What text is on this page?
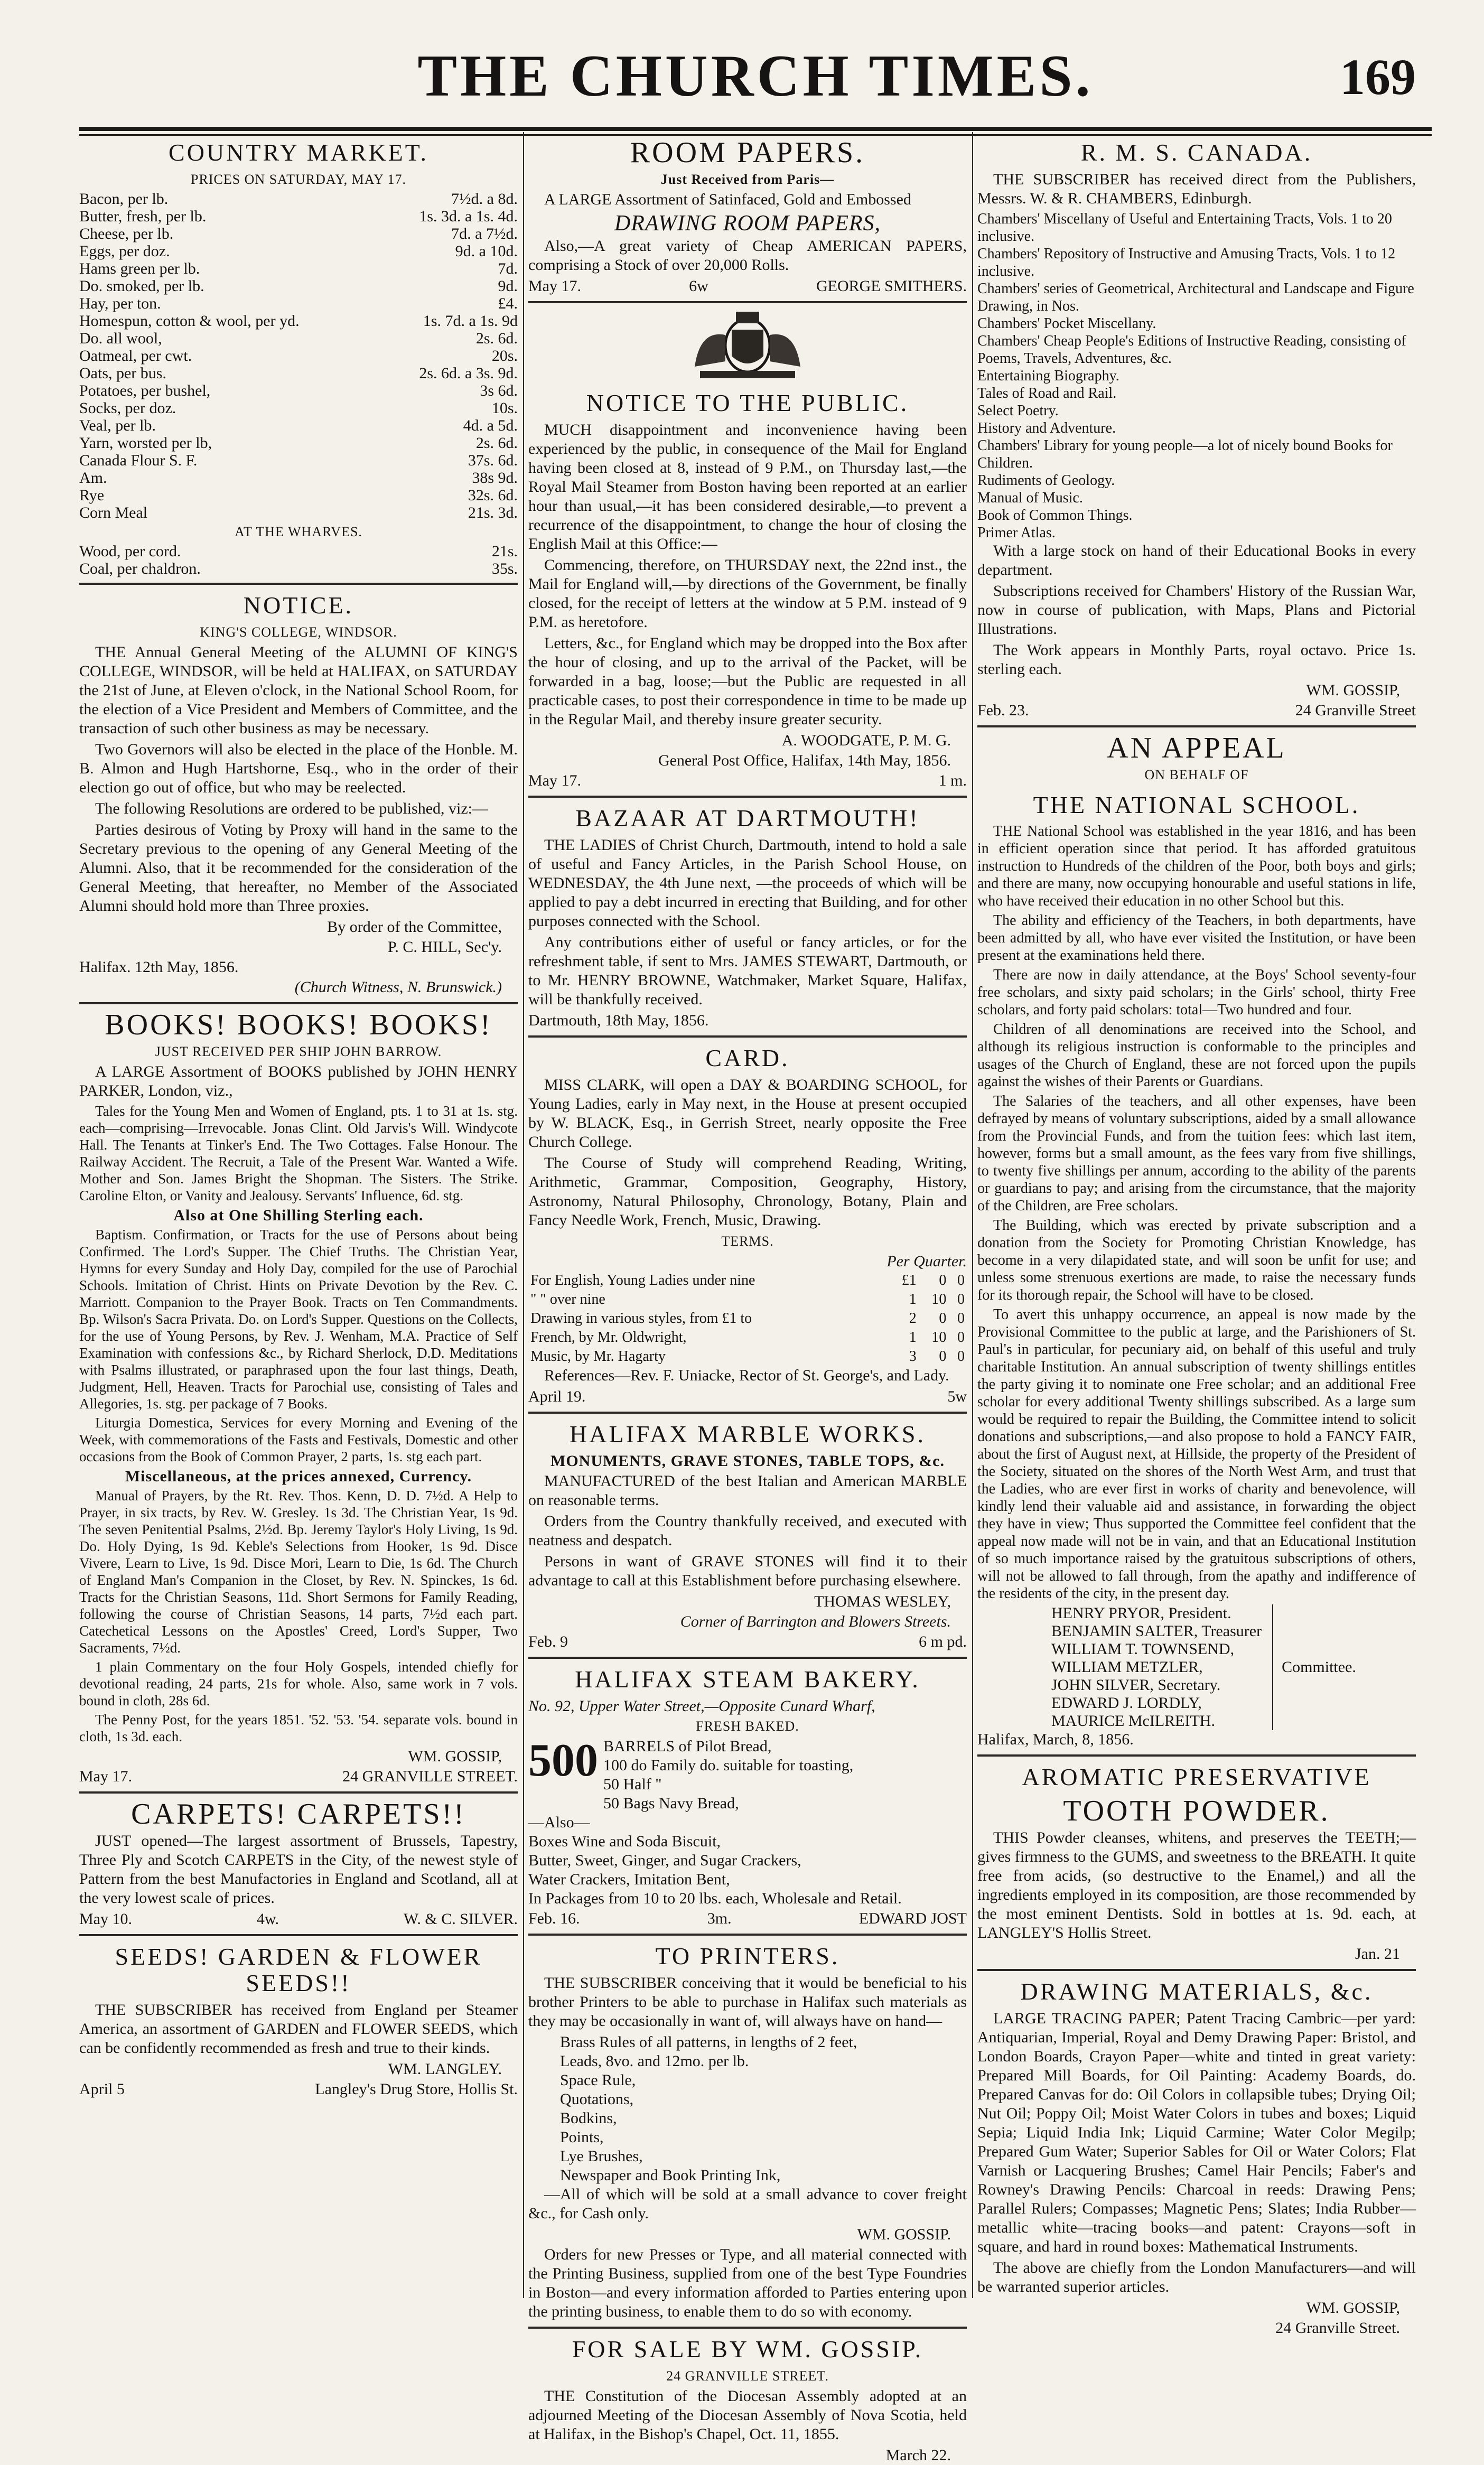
THE CHURCH TIMES.	169
COUNTRY MARKET.
PRICES ON SATURDAY, MAY 17.
Bacon, per lb.	7½d. a 8d.
Butter, fresh, per lb.	1s. 3d. a 1s. 4d.
Cheese, per lb.	7d. a 7½d.
Eggs, per doz.	9d. a 10d.
Hams green per lb.	7d.
Do. smoked, per lb.	9d.
Hay, per ton.	£4.
Homespun, cotton & wool, per yd.	1s. 7d. a 1s. 9d
Do. all wool,	2s. 6d.
Oatmeal, per cwt.	20s.
Oats, per bus.	2s. 6d. a 3s. 9d.
Potatoes, per bushel,	3s 6d.
Socks, per doz.	10s.
Veal, per lb.	4d. a 5d.
Yarn, worsted per lb,	2s. 6d.
Canada Flour S. F.	37s. 6d.
Am.	38s 9d.
Rye	32s. 6d.
Corn Meal	21s. 3d.
AT THE WHARVES.
Wood, per cord.	21s.
Coal, per chaldron.	35s.
NOTICE.
KING'S COLLEGE, WINDSOR.

THE Annual General Meeting of the ALUMNI OF KING'S COLLEGE, WINDSOR, will be held at HALIFAX, on SATURDAY the 21st of June, at Eleven o'clock, in the National School Room, for the election of a Vice President and Members of Committee, and the transaction of such other business as may be necessary.

Two Governors will also be elected in the place of the Honble. M. B. Almon and Hugh Hartshorne, Esq., who in the order of their election go out of office, but who may be reelected.

The following Resolutions are ordered to be published, viz:—

Parties desirous of Voting by Proxy will hand in the same to the Secretary previous to the opening of any General Meeting of the Alumni. Also, that it be recommended for the consideration of the General Meeting, that hereafter, no Member of the Associated Alumni should hold more than Three proxies.

By order of the Committee,
P. C. HILL, Sec'y.
Halifax. 12th May, 1856.
(Church Witness, N. Brunswick.)
BOOKS! BOOKS! BOOKS!
JUST RECEIVED PER SHIP JOHN BARROW.

A LARGE Assortment of BOOKS published by JOHN HENRY PARKER, London, viz.,

Tales for the Young Men and Women of England, pts. 1 to 31 at 1s. stg. each—comprising—Irrevocable. Jonas Clint. Old Jarvis's Will. Windycote Hall. The Tenants at Tinker's End. The Two Cottages. False Honour. The Railway Accident. The Recruit, a Tale of the Present War. Wanted a Wife. Mother and Son. James Bright the Shopman. The Sisters. The Strike. Caroline Elton, or Vanity and Jealousy. Servants' Influence, 6d. stg.

Also at One Shilling Sterling each.

Baptism. Confirmation, or Tracts for the use of Persons about being Confirmed. The Lord's Supper. The Chief Truths. The Christian Year, Hymns for every Sunday and Holy Day, compiled for the use of Parochial Schools. Imitation of Christ. Hints on Private Devotion by the Rev. C. Marriott. Companion to the Prayer Book. Tracts on Ten Commandments. Bp. Wilson's Sacra Privata. Do. on Lord's Supper. Questions on the Collects, for the use of Young Persons, by Rev. J. Wenham, M.A. Practice of Self Examination with confessions &c., by Richard Sherlock, D.D. Meditations with Psalms illustrated, or paraphrased upon the four last things, Death, Judgment, Hell, Heaven. Tracts for Parochial use, consisting of Tales and Allegories, 1s. stg. per package of 7 Books.

Liturgia Domestica, Services for every Morning and Evening of the Week, with commemorations of the Fasts and Festivals, Domestic and other occasions from the Book of Common Prayer, 2 parts, 1s. stg each part.

Miscellaneous, at the prices annexed, Currency.

Manual of Prayers, by the Rt. Rev. Thos. Kenn, D. D. 7½d. A Help to Prayer, in six tracts, by Rev. W. Gresley. 1s 3d. The Christian Year, 1s 9d. The seven Penitential Psalms, 2½d. Bp. Jeremy Taylor's Holy Living, 1s 9d. Do. Holy Dying, 1s 9d. Keble's Selections from Hooker, 1s 9d. Disce Vivere, Learn to Live, 1s 9d. Disce Mori, Learn to Die, 1s 6d. The Church of England Man's Companion in the Closet, by Rev. N. Spinckes, 1s 6d. Tracts for the Christian Seasons, 11d. Short Sermons for Family Reading, following the course of Christian Seasons, 14 parts, 7½d each part. Catechetical Lessons on the Apostles' Creed, Lord's Supper, Two Sacraments, 7½d.

1 plain Commentary on the four Holy Gospels, intended chiefly for devotional reading, 24 parts, 21s for whole. Also, same work in 7 vols. bound in cloth, 28s 6d.

The Penny Post, for the years 1851. '52. '53. '54. separate vols. bound in cloth, 1s 3d. each.

WM. GOSSIP,
May 17.	24 GRANVILLE STREET.
CARPETS! CARPETS!!

JUST opened—The largest assortment of Brussels, Tapestry, Three Ply and Scotch CARPETS in the City, of the newest style of Pattern from the best Manufactories in England and Scotland, all at the very lowest scale of prices.

May 10.	4w.	W. & C. SILVER.
SEEDS! GARDEN & FLOWER SEEDS!!

THE SUBSCRIBER has received from England per Steamer America, an assortment of GARDEN and FLOWER SEEDS, which can be confidently recommended as fresh and true to their kinds.

WM. LANGLEY.
April 5	Langley's Drug Store, Hollis St.
ROOM PAPERS.
Just Received from Paris—

A LARGE Assortment of Satinfaced, Gold and Embossed

DRAWING ROOM PAPERS,

Also,—A great variety of Cheap AMERICAN PAPERS, comprising a Stock of over 20,000 Rolls.

May 17.	6w	GEORGE SMITHERS.
NOTICE TO THE PUBLIC.

MUCH disappointment and inconvenience having been experienced by the public, in consequence of the Mail for England having been closed at 8, instead of 9 P.M., on Thursday last,—the Royal Mail Steamer from Boston having been reported at an earlier hour than usual,—it has been considered desirable,—to prevent a recurrence of the disappointment, to change the hour of closing the English Mail at this Office:—

Commencing, therefore, on THURSDAY next, the 22nd inst., the Mail for England will,—by directions of the Government, be finally closed, for the receipt of letters at the window at 5 P.M. instead of 9 P.M. as heretofore.

Letters, &c., for England which may be dropped into the Box after the hour of closing, and up to the arrival of the Packet, will be forwarded in a bag, loose;—but the Public are requested in all practicable cases, to post their correspondence in time to be made up in the Regular Mail, and thereby insure greater security.

A. WOODGATE, P. M. G.
General Post Office, Halifax, 14th May, 1856.
May 17.	1 m.
BAZAAR AT DARTMOUTH!

THE LADIES of Christ Church, Dartmouth, intend to hold a sale of useful and Fancy Articles, in the Parish School House, on WEDNESDAY, the 4th June next, —the proceeds of which will be applied to pay a debt incurred in erecting that Building, and for other purposes connected with the School.

Any contributions either of useful or fancy articles, or for the refreshment table, if sent to Mrs. JAMES STEWART, Dartmouth, or to Mr. HENRY BROWNE, Watchmaker, Market Square, Halifax, will be thankfully received.

Dartmouth, 18th May, 1856.
CARD.

MISS CLARK, will open a DAY & BOARDING SCHOOL, for Young Ladies, early in May next, in the House at present occupied by W. BLACK, Esq., in Gerrish Street, nearly opposite the Free Church College.

The Course of Study will comprehend Reading, Writing, Arithmetic, Grammar, Composition, Geography, History, Astronomy, Natural Philosophy, Chronology, Botany, Plain and Fancy Needle Work, French, Music, Drawing.

TERMS.
Per Quarter.
For English, Young Ladies under nine	£1	0	0
" " over nine	1	10	0
Drawing in various styles, from £1 to	2	0	0
French, by Mr. Oldwright,	1	10	0
Music, by Mr. Hagarty	3	0	0

References—Rev. F. Uniacke, Rector of St. George's, and Lady.

April 19.	5w
HALIFAX MARBLE WORKS.
MONUMENTS, GRAVE STONES, TABLE TOPS, &c.

MANUFACTURED of the best Italian and American MARBLE on reasonable terms.

Orders from the Country thankfully received, and executed with neatness and despatch.

Persons in want of GRAVE STONES will find it to their advantage to call at this Establishment before purchasing elsewhere.

THOMAS WESLEY,
Corner of Barrington and Blowers Streets.
Feb. 9	6 m pd.
HALIFAX STEAM BAKERY.
No. 92, Upper Water Street,—Opposite Cunard Wharf,
FRESH BAKED.
500 BARRELS of Pilot Bread,
100 do Family do. suitable for toasting,
50 Half "
50 Bags Navy Bread,
—Also—
Boxes Wine and Soda Biscuit,
Butter, Sweet, Ginger, and Sugar Crackers,
Water Crackers, Imitation Bent,
In Packages from 10 to 20 lbs. each, Wholesale and Retail.
Feb. 16.	3m.	EDWARD JOST
TO PRINTERS.

THE SUBSCRIBER conceiving that it would be beneficial to his brother Printers to be able to purchase in Halifax such materials as they may be occasionally in want of, will always have on hand—

Brass Rules of all patterns, in lengths of 2 feet,
Leads, 8vo. and 12mo. per lb.
Space Rule,
Quotations,
Bodkins,
Points,
Lye Brushes,
Newspaper and Book Printing Ink,

—All of which will be sold at a small advance to cover freight &c., for Cash only.

WM. GOSSIP.

Orders for new Presses or Type, and all material connected with the Printing Business, supplied from one of the best Type Foundries in Boston—and every information afforded to Parties entering upon the printing business, to enable them to do so with economy.

FOR SALE BY WM. GOSSIP.
24 GRANVILLE STREET.

THE Constitution of the Diocesan Assembly adopted at an adjourned Meeting of the Diocesan Assembly of Nova Scotia, held at Halifax, in the Bishop's Chapel, Oct. 11, 1855.

March 22.
R. M. S. CANADA.

THE SUBSCRIBER has received direct from the Publishers, Messrs. W. & R. CHAMBERS, Edinburgh.

Chambers' Miscellany of Useful and Entertaining Tracts, Vols. 1 to 20 inclusive.
Chambers' Repository of Instructive and Amusing Tracts, Vols. 1 to 12 inclusive.
Chambers' series of Geometrical, Architectural and Landscape and Figure Drawing, in Nos.
Chambers' Pocket Miscellany.
Chambers' Cheap People's Editions of Instructive Reading, consisting of Poems, Travels, Adventures, &c.
Entertaining Biography.
Tales of Road and Rail.
Select Poetry.
History and Adventure.
Chambers' Library for young people—a lot of nicely bound Books for Children.
Rudiments of Geology.
Manual of Music.
Book of Common Things.
Primer Atlas.

With a large stock on hand of their Educational Books in every department.

Subscriptions received for Chambers' History of the Russian War, now in course of publication, with Maps, Plans and Pictorial Illustrations.

The Work appears in Monthly Parts, royal octavo. Price 1s. sterling each.

WM. GOSSIP,
Feb. 23.	24 Granville Street
AN APPEAL
ON BEHALF OF
THE NATIONAL SCHOOL.

THE National School was established in the year 1816, and has been in efficient operation since that period. It has afforded gratuitous instruction to Hundreds of the children of the Poor, both boys and girls; and there are many, now occupying honourable and useful stations in life, who have received their education in no other School but this.

The ability and efficiency of the Teachers, in both departments, have been admitted by all, who have ever visited the Institution, or have been present at the examinations held there.

There are now in daily attendance, at the Boys' School seventy-four free scholars, and sixty paid scholars; in the Girls' school, thirty Free scholars, and forty paid scholars: total—Two hundred and four.

Children of all denominations are received into the School, and although its religious instruction is conformable to the principles and usages of the Church of England, these are not forced upon the pupils against the wishes of their Parents or Guardians.

The Salaries of the teachers, and all other expenses, have been defrayed by means of voluntary subscriptions, aided by a small allowance from the Provincial Funds, and from the tuition fees: which last item, however, forms but a small amount, as the fees vary from five shillings, to twenty five shillings per annum, according to the ability of the parents or guardians to pay; and arising from the circumstance, that the majority of the Children, are Free scholars.

The Building, which was erected by private subscription and a donation from the Society for Promoting Christian Knowledge, has become in a very dilapidated state, and will soon be unfit for use; and unless some strenuous exertions are made, to raise the necessary funds for its thorough repair, the School will have to be closed.

To avert this unhappy occurrence, an appeal is now made by the Provisional Committee to the public at large, and the Parishioners of St. Paul's in particular, for pecuniary aid, on behalf of this useful and truly charitable Institution. An annual subscription of twenty shillings entitles the party giving it to nominate one Free scholar; and an additional Free scholar for every additional Twenty shillings subscribed. As a large sum would be required to repair the Building, the Committee intend to solicit donations and subscriptions,—and also propose to hold a FANCY FAIR, about the first of August next, at Hillside, the property of the President of the Society, situated on the shores of the North West Arm, and trust that the Ladies, who are ever first in works of charity and benevolence, will kindly lend their valuable aid and assistance, in forwarding the object they have in view; Thus supported the Committee feel confident that the appeal now made will not be in vain, and that an Educational Institution of so much importance raised by the gratuitous subscriptions of others, will not be allowed to fall through, from the apathy and indifference of the residents of the city, in the present day.

HENRY PRYOR, President.
BENJAMIN SALTER, Treasurer
WILLIAM T. TOWNSEND,
WILLIAM METZLER,
JOHN SILVER, Secretary.
EDWARD J. LORDLY,
MAURICE McILREITH.
Committee.
Halifax, March, 8, 1856.
AROMATIC PRESERVATIVE
TOOTH POWDER.

THIS Powder cleanses, whitens, and preserves the TEETH;—gives firmness to the GUMS, and sweetness to the BREATH. It quite free from acids, (so destructive to the Enamel,) and all the ingredients employed in its composition, are those recommended by the most eminent Dentists. Sold in bottles at 1s. 9d. each, at LANGLEY'S Hollis Street.

Jan. 21
DRAWING MATERIALS, &c.

LARGE TRACING PAPER; Patent Tracing Cambric—per yard: Antiquarian, Imperial, Royal and Demy Drawing Paper: Bristol, and London Boards, Crayon Paper—white and tinted in great variety: Prepared Mill Boards, for Oil Painting: Academy Boards, do. Prepared Canvas for do: Oil Colors in collapsible tubes; Drying Oil; Nut Oil; Poppy Oil; Moist Water Colors in tubes and boxes; Liquid Sepia; Liquid India Ink; Liquid Carmine; Water Color Megilp; Prepared Gum Water; Superior Sables for Oil or Water Colors; Flat Varnish or Lacquering Brushes; Camel Hair Pencils; Faber's and Rowney's Drawing Pencils: Charcoal in reeds: Drawing Pens; Parallel Rulers; Compasses; Magnetic Pens; Slates; India Rubber—metallic white—tracing books—and patent: Crayons—soft in square, and hard in round boxes: Mathematical Instruments.

The above are chiefly from the London Manufacturers—and will be warranted superior articles.

WM. GOSSIP,
24 Granville Street.
